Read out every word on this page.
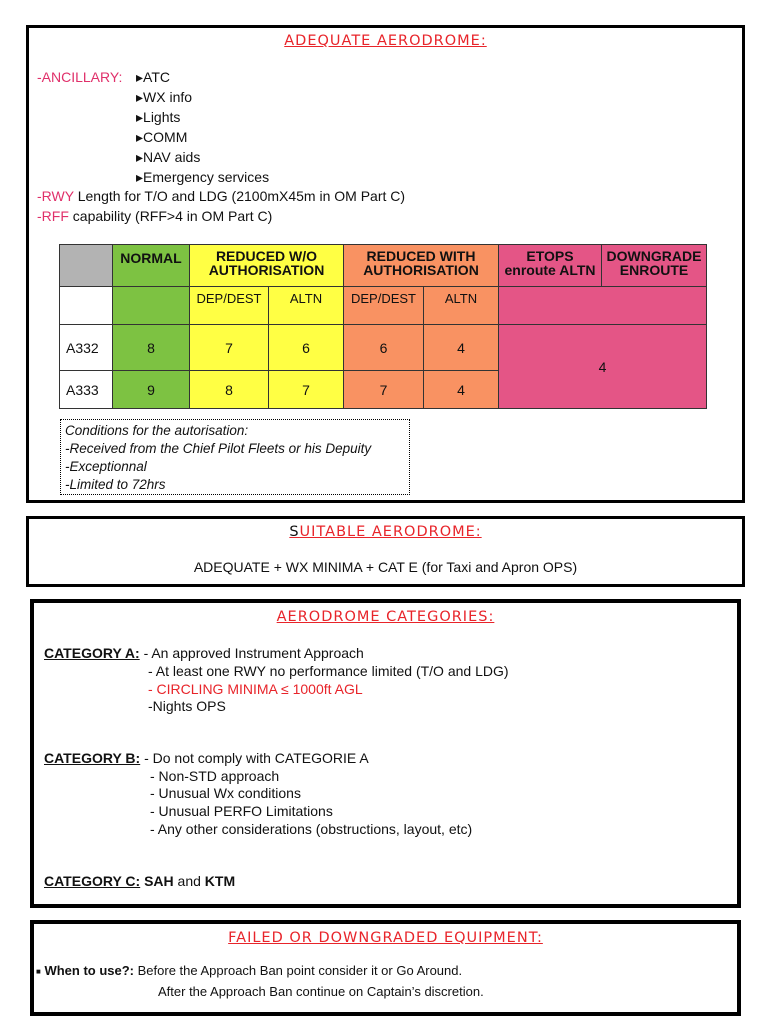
ADEQUATE AERODROME:
-ANCILLARY: ▸ATC
▸WX info
▸Lights
▸COMM
▸NAV aids
▸Emergency services
-RWY Length for T/O and LDG (2100mX45m in OM Part C)
-RFF capability (RFF>4 in OM Part C)
	NORMAL	REDUCED W/O AUTHORISATION		REDUCED WITH AUTHORISATION		ETOPS enroute ALTN	DOWNGRADE ENROUTE
		DEP/DEST	ALTN	DEP/DEST	ALTN		
A332	8	7	6	6	4	4	
A333	9	8	7	7	4		
Conditions for the autorisation:
-Received from the Chief Pilot Fleets or his Depuity
-Exceptionnal
-Limited to 72hrs
SUITABLE AERODROME:
ADEQUATE + WX MINIMA + CAT E (for Taxi and Apron OPS)
AERODROME CATEGORIES:
CATEGORY A: - An approved Instrument Approach
- At least one RWY no performance limited (T/O and LDG)
- CIRCLING MINIMA ≤ 1000ft AGL
-Nights OPS
CATEGORY B: - Do not comply with CATEGORIE A
- Non-STD approach
- Unusual Wx conditions
- Unusual PERFO Limitations
- Any other considerations (obstructions, layout, etc)
CATEGORY C: SAH and KTM
FAILED OR DOWNGRADED EQUIPMENT:
■ When to use?: Before the Approach Ban point consider it or Go Around.
After the Approach Ban continue on Captain’s discretion.
